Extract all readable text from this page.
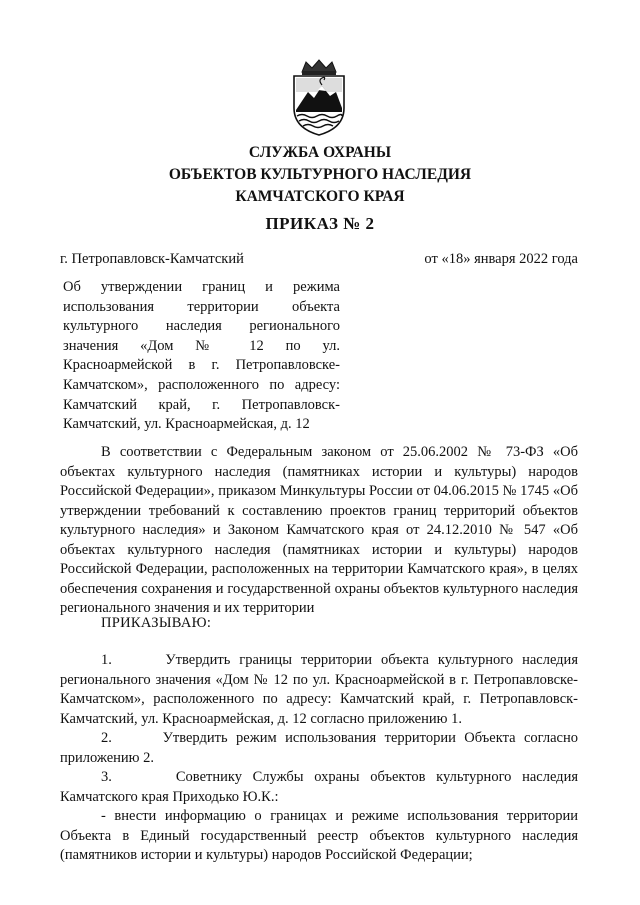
СЛУЖБА ОХРАНЫ
ОБЪЕКТОВ КУЛЬТУРНОГО НАСЛЕДИЯ
КАМЧАТСКОГО КРАЯ
ПРИКАЗ № 2
г. Петропавловск-Камчатский	от «18» января 2022 года
Об утверждении границ и режима
использования территории объекта
культурного наследия регионального
значения «Дом № 12 по ул.
Красноармейской в г. Петропавловске-
Камчатском», расположенного по адресу:
Камчатский край, г. Петропавловск-
Камчатский, ул. Красноармейская, д. 12
В соответствии с Федеральным законом от 25.06.2002 № 73-ФЗ «Об объектах культурного наследия (памятниках истории и культуры) народов Российской Федерации», приказом Минкультуры России от 04.06.2015 № 1745 «Об утверждении требований к составлению проектов границ территорий объектов культурного наследия» и Законом Камчатского края от 24.12.2010 № 547 «Об объектах культурного наследия (памятниках истории и культуры) народов Российской Федерации, расположенных на территории Камчатского края», в целях обеспечения сохранения и государственной охраны объектов культурного наследия регионального значения и их территории
ПРИКАЗЫВАЮ:

1.      Утвердить границы территории объекта культурного наследия регионального значения «Дом № 12 по ул. Красноармейской в г. Петропавловске-Камчатском», расположенного по адресу: Камчатский край, г. Петропавловск-Камчатский, ул. Красноармейская, д. 12 согласно приложению 1.

2.      Утвердить режим использования территории Объекта согласно приложению 2.

3.      Советнику Службы охраны объектов культурного наследия Камчатского края Приходько Ю.К.:

- внести информацию о границах и режиме использования территории Объекта в Единый государственный реестр объектов культурного наследия (памятников истории и культуры) народов Российской Федерации;
